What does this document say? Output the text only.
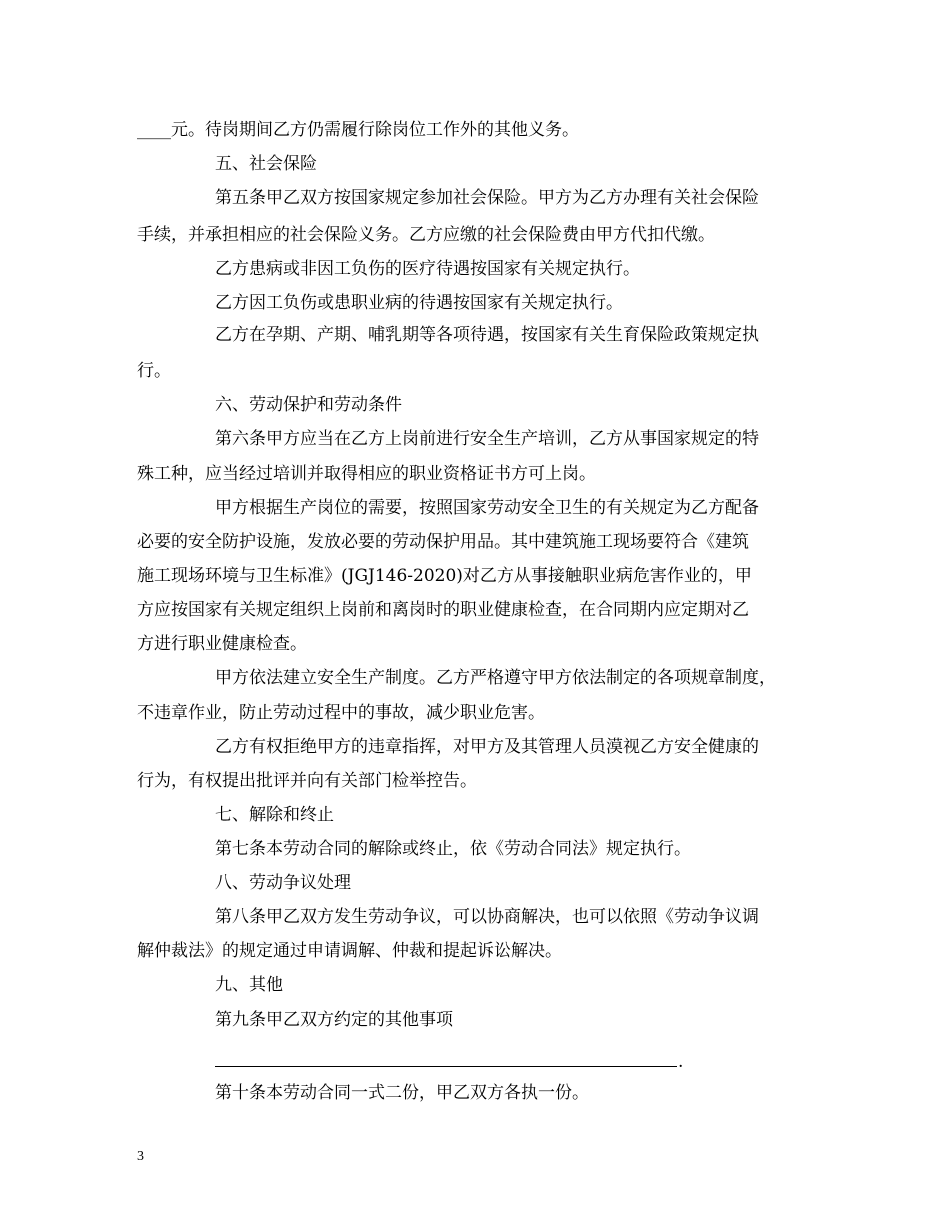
____元。待岗期间乙方仍需履行除岗位工作外的其他义务。
五、社会保险
第五条甲乙双方按国家规定参加社会保险。甲方为乙方办理有关社会保险
手续，并承担相应的社会保险义务。乙方应缴的社会保险费由甲方代扣代缴。
乙方患病或非因工负伤的医疗待遇按国家有关规定执行。
乙方因工负伤或患职业病的待遇按国家有关规定执行。
乙方在孕期、产期、哺乳期等各项待遇，按国家有关生育保险政策规定执
行。
六、劳动保护和劳动条件
第六条甲方应当在乙方上岗前进行安全生产培训，乙方从事国家规定的特
殊工种，应当经过培训并取得相应的职业资格证书方可上岗。
甲方根据生产岗位的需要，按照国家劳动安全卫生的有关规定为乙方配备
必要的安全防护设施，发放必要的劳动保护用品。其中建筑施工现场要符合《建筑
施工现场环境与卫生标准》(JGJ146-2020)对乙方从事接触职业病危害作业的，甲
方应按国家有关规定组织上岗前和离岗时的职业健康检查，在合同期内应定期对乙
方进行职业健康检查。
甲方依法建立安全生产制度。乙方严格遵守甲方依法制定的各项规章制度，
不违章作业，防止劳动过程中的事故，减少职业危害。
乙方有权拒绝甲方的违章指挥，对甲方及其管理人员漠视乙方安全健康的
行为，有权提出批评并向有关部门检举控告。
七、解除和终止
第七条本劳动合同的解除或终止，依《劳动合同法》规定执行。
八、劳动争议处理
第八条甲乙双方发生劳动争议，可以协商解决，也可以依照《劳动争议调
解仲裁法》的规定通过申请调解、仲裁和提起诉讼解决。
九、其他
第九条甲乙双方约定的其他事项
.
第十条本劳动合同一式二份，甲乙双方各执一份。
3
